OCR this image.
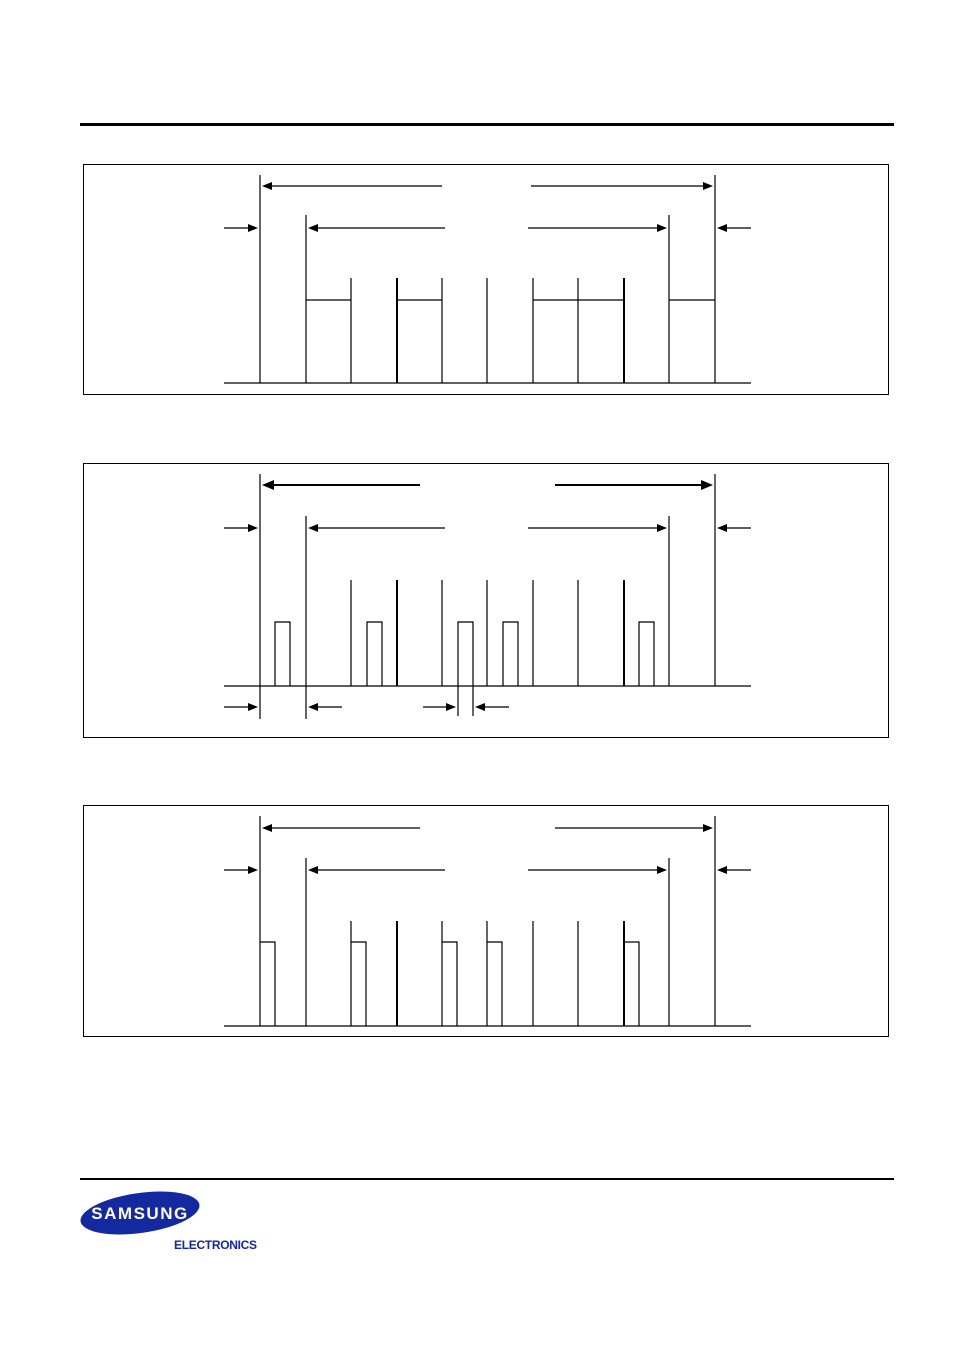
SAMSUNG
ELECTRONICS
